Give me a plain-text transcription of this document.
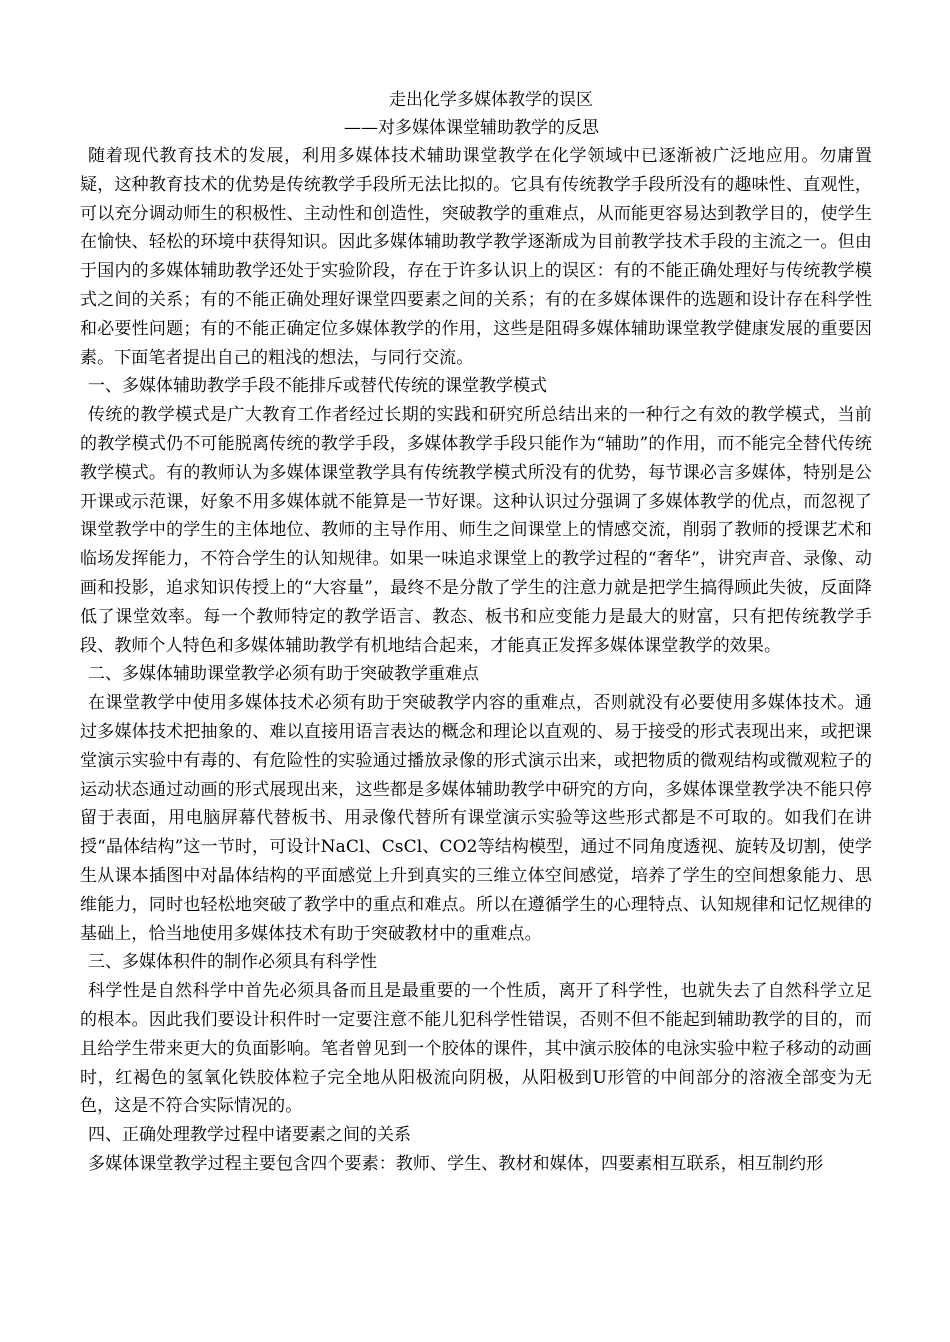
走出化学多媒体教学的误区

——对多媒体课堂辅助教学的反思

随着现代教育技术的发展，利用多媒体技术辅助课堂教学在化学领域中已逐渐被广泛地应用。勿庸置疑，这种教育技术的优势是传统教学手段所无法比拟的。它具有传统教学手段所没有的趣味性、直观性，可以充分调动师生的积极性、主动性和创造性，突破教学的重难点，从而能更容易达到教学目的，使学生在愉快、轻松的环境中获得知识。因此多媒体辅助教学教学逐渐成为目前教学技术手段的主流之一。但由于国内的多媒体辅助教学还处于实验阶段，存在于许多认识上的误区：有的不能正确处理好与传统教学模式之间的关系；有的不能正确处理好课堂四要素之间的关系；有的在多媒体课件的选题和设计存在科学性和必要性问题；有的不能正确定位多媒体教学的作用，这些是阻碍多媒体辅助课堂教学健康发展的重要因素。下面笔者提出自己的粗浅的想法，与同行交流。

一、多媒体辅助教学手段不能排斥或替代传统的课堂教学模式

传统的教学模式是广大教育工作者经过长期的实践和研究所总结出来的一种行之有效的教学模式，当前的教学模式仍不可能脱离传统的教学手段，多媒体教学手段只能作为“辅助”的作用，而不能完全替代传统教学模式。有的教师认为多媒体课堂教学具有传统教学模式所没有的优势，每节课必言多媒体，特别是公开课或示范课，好象不用多媒体就不能算是一节好课。这种认识过分强调了多媒体教学的优点，而忽视了课堂教学中的学生的主体地位、教师的主导作用、师生之间课堂上的情感交流，削弱了教师的授课艺术和临场发挥能力，不符合学生的认知规律。如果一味追求课堂上的教学过程的“奢华”，讲究声音、录像、动画和投影，追求知识传授上的“大容量”，最终不是分散了学生的注意力就是把学生搞得顾此失彼，反面降低了课堂效率。每一个教师特定的教学语言、教态、板书和应变能力是最大的财富，只有把传统教学手段、教师个人特色和多媒体辅助教学有机地结合起来，才能真正发挥多媒体课堂教学的效果。

二、多媒体辅助课堂教学必须有助于突破教学重难点

在课堂教学中使用多媒体技术必须有助于突破教学内容的重难点，否则就没有必要使用多媒体技术。通过多媒体技术把抽象的、难以直接用语言表达的概念和理论以直观的、易于接受的形式表现出来，或把课堂演示实验中有毒的、有危险性的实验通过播放录像的形式演示出来，或把物质的微观结构或微观粒子的运动状态通过动画的形式展现出来，这些都是多媒体辅助教学中研究的方向，多媒体课堂教学决不能只停留于表面，用电脑屏幕代替板书、用录像代替所有课堂演示实验等这些形式都是不可取的。如我们在讲授“晶体结构”这一节时，可设计NaCl、CsCl、CO2等结构模型，通过不同角度透视、旋转及切割，使学生从课本插图中对晶体结构的平面感觉上升到真实的三维立体空间感觉，培养了学生的空间想象能力、思维能力，同时也轻松地突破了教学中的重点和难点。所以在遵循学生的心理特点、认知规律和记忆规律的基础上，恰当地使用多媒体技术有助于突破教材中的重难点。

三、多媒体积件的制作必须具有科学性

科学性是自然科学中首先必须具备而且是最重要的一个性质，离开了科学性，也就失去了自然科学立足的根本。因此我们要设计积件时一定要注意不能儿犯科学性错误，否则不但不能起到辅助教学的目的，而且给学生带来更大的负面影响。笔者曾见到一个胶体的课件，其中演示胶体的电泳实验中粒子移动的动画时，红褐色的氢氧化铁胶体粒子完全地从阳极流向阴极，从阳极到U形管的中间部分的溶液全部变为无色，这是不符合实际情况的。

四、正确处理教学过程中诸要素之间的关系

多媒体课堂教学过程主要包含四个要素：教师、学生、教材和媒体，四要素相互联系，相互制约形
